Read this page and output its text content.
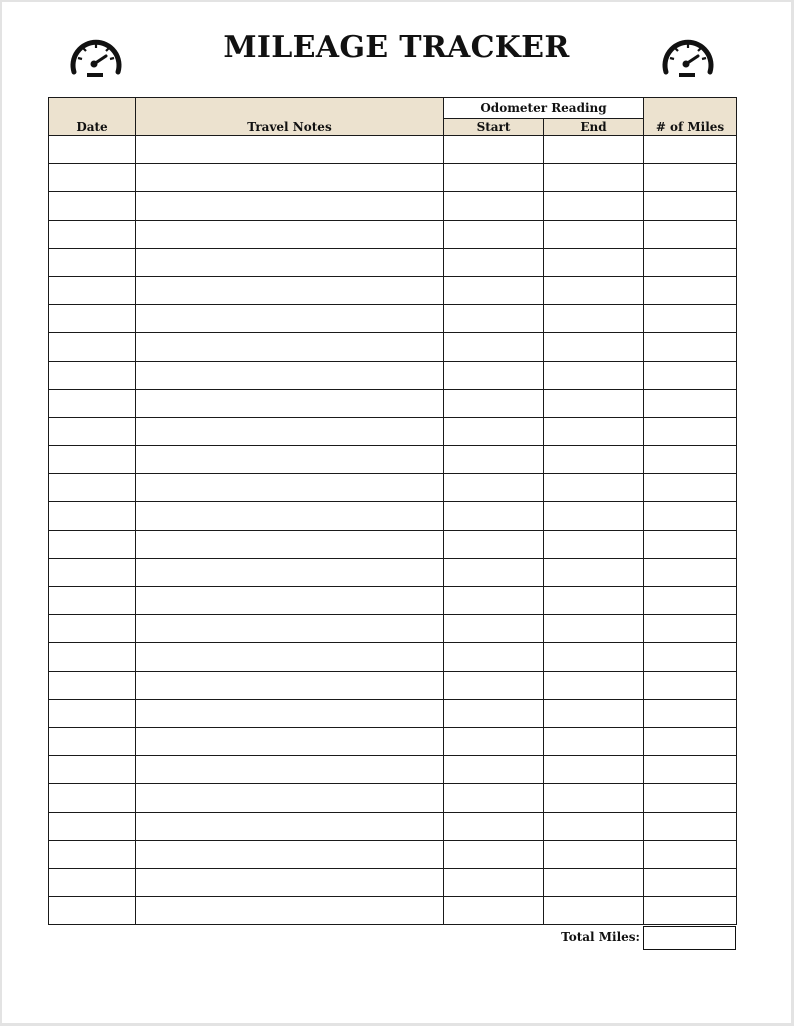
MILEAGE TRACKER
Date	Travel Notes	Odometer Reading		# of Miles
		Start	End	

Total Miles:
